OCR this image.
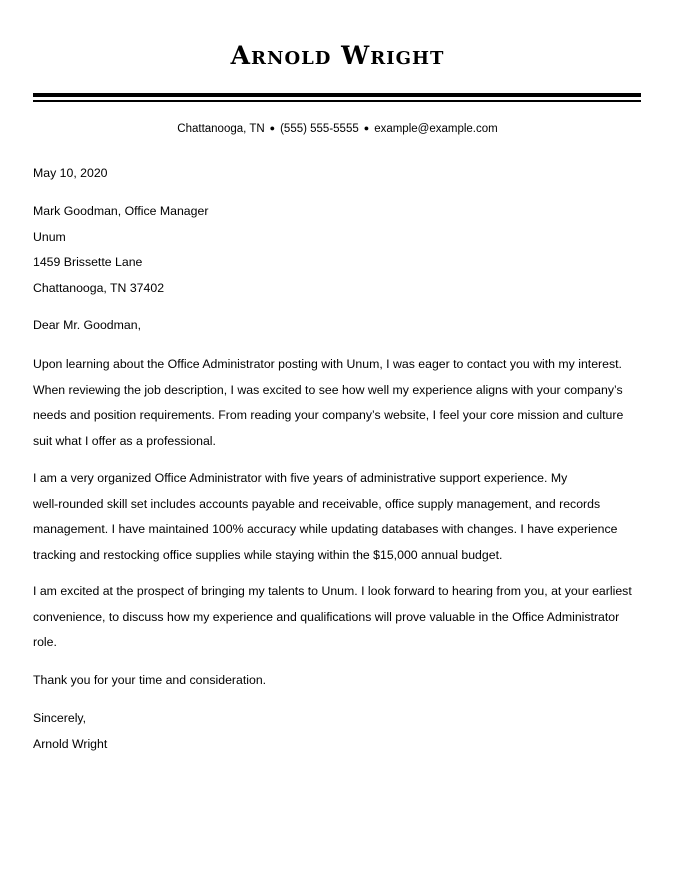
Arnold Wright
Chattanooga, TN ● (555) 555-5555 ● example@example.com
May 10, 2020
Mark Goodman, Office Manager
Unum
1459 Brissette Lane
Chattanooga, TN 37402
Dear Mr. Goodman,
Upon learning about the Office Administrator posting with Unum, I was eager to contact you with my interest.
When reviewing the job description, I was excited to see how well my experience aligns with your company’s
needs and position requirements. From reading your company’s website, I feel your core mission and culture
suit what I offer as a professional.
I am a very organized Office Administrator with five years of administrative support experience. My
well-rounded skill set includes accounts payable and receivable, office supply management, and records
management. I have maintained 100% accuracy while updating databases with changes. I have experience
tracking and restocking office supplies while staying within the $15,000 annual budget.
I am excited at the prospect of bringing my talents to Unum. I look forward to hearing from you, at your earliest
convenience, to discuss how my experience and qualifications will prove valuable in the Office Administrator
role.
Thank you for your time and consideration.
Sincerely,
Arnold Wright
